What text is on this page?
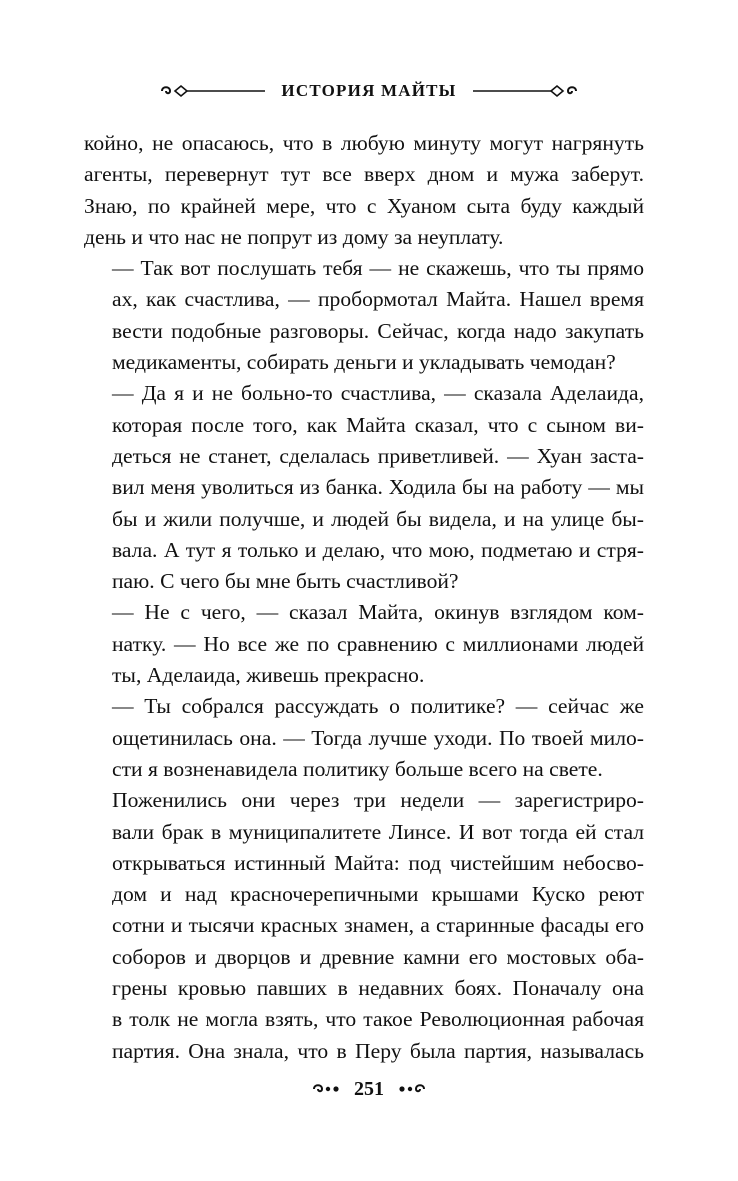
ИСТОРИЯ МАЙТЫ

койно, не опасаюсь, что в любую минуту могут нагрянуть
агенты, перевернут тут все вверх дном и мужа заберут.
Знаю, по крайней мере, что с Хуаном сыта буду каждый
день и что нас не попрут из дому за неуплату.

— Так вот послушать тебя — не скажешь, что ты прямо
ах, как счастлива, — пробормотал Майта. Нашел время
вести подобные разговоры. Сейчас, когда надо закупать
медикаменты, собирать деньги и укладывать чемодан?

— Да я и не больно-то счастлива, — сказала Аделаида,
которая после того, как Майта сказал, что с сыном ви-
деться не станет, сделалась приветливей. — Хуан заста-
вил меня уволиться из банка. Ходила бы на работу — мы
бы и жили получше, и людей бы видела, и на улице бы-
вала. А тут я только и делаю, что мою, подметаю и стря-
паю. С чего бы мне быть счастливой?

— Не с чего, — сказал Майта, окинув взглядом ком-
натку. — Но все же по сравнению с миллионами людей
ты, Аделаида, живешь прекрасно.

— Ты собрался рассуждать о политике? — сейчас же
ощетинилась она. — Тогда лучше уходи. По твоей мило-
сти я возненавидела политику больше всего на свете.

Поженились они через три недели — зарегистриро-
вали брак в муниципалитете Линсе. И вот тогда ей стал
открываться истинный Майта: под чистейшим небосво-
дом и над красночерепичными крышами Куско реют
сотни и тысячи красных знамен, а старинные фасады его
соборов и дворцов и древние камни его мостовых оба-
грены кровью павших в недавних боях. Поначалу она
в толк не могла взять, что такое Революционная рабочая
партия. Она знала, что в Перу была партия, называлась

251
